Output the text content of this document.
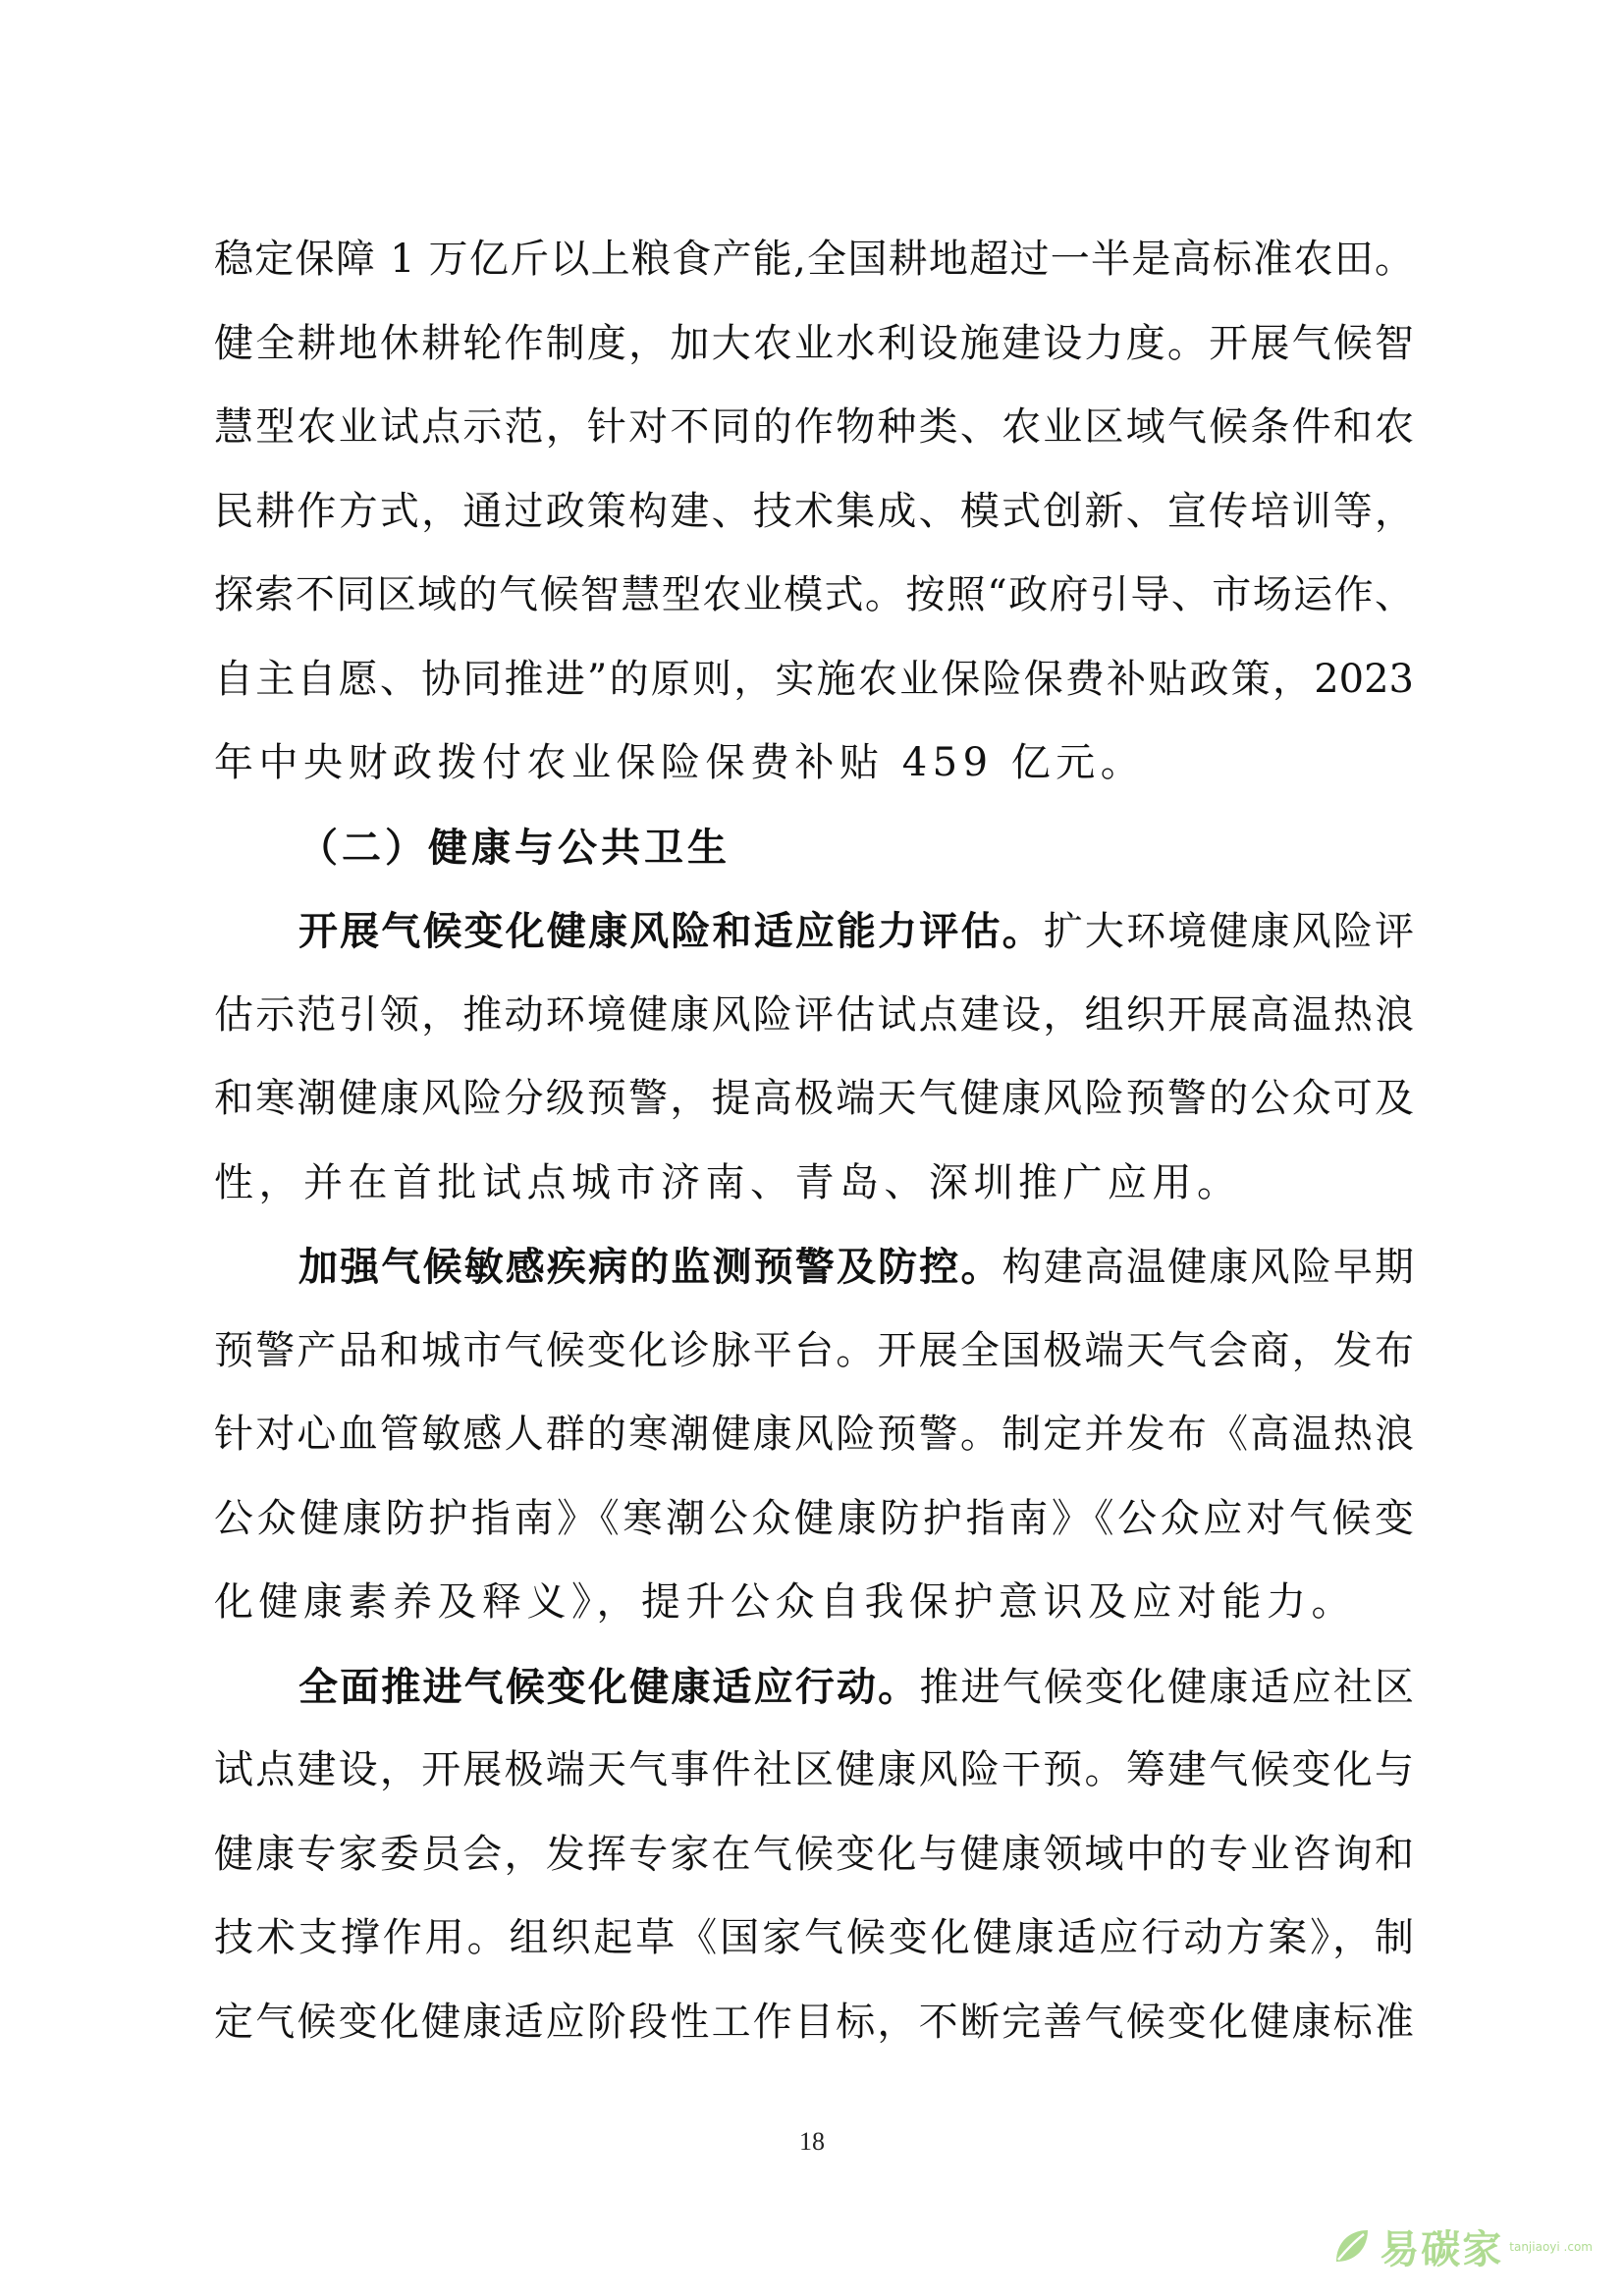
稳定保障 1 万亿斤以上粮食产能,全国耕地超过一半是高标准农田。
健全耕地休耕轮作制度，加大农业水利设施建设力度。开展气候智
慧型农业试点示范，针对不同的作物种类、农业区域气候条件和农
民耕作方式，通过政策构建、技术集成、模式创新、宣传培训等，
探索不同区域的气候智慧型农业模式。按照“政府引导、市场运作、
自主自愿、协同推进”的原则，实施农业保险保费补贴政策，2023
年中央财政拨付农业保险保费补贴 459 亿元。
（二）健康与公共卫生
开展气候变化健康风险和适应能力评估。扩大环境健康风险评
估示范引领，推动环境健康风险评估试点建设，组织开展高温热浪
和寒潮健康风险分级预警，提高极端天气健康风险预警的公众可及
性，并在首批试点城市济南、青岛、深圳推广应用。
加强气候敏感疾病的监测预警及防控。构建高温健康风险早期
预警产品和城市气候变化诊脉平台。开展全国极端天气会商，发布
针对心血管敏感人群的寒潮健康风险预警。制定并发布《高温热浪
公众健康防护指南》《寒潮公众健康防护指南》《公众应对气候变
化健康素养及释义》，提升公众自我保护意识及应对能力。
全面推进气候变化健康适应行动。推进气候变化健康适应社区
试点建设，开展极端天气事件社区健康风险干预。筹建气候变化与
健康专家委员会，发挥专家在气候变化与健康领域中的专业咨询和
技术支撑作用。组织起草《国家气候变化健康适应行动方案》，制
定气候变化健康适应阶段性工作目标，不断完善气候变化健康标准
18
易碳家 tanjiaoyi .com
